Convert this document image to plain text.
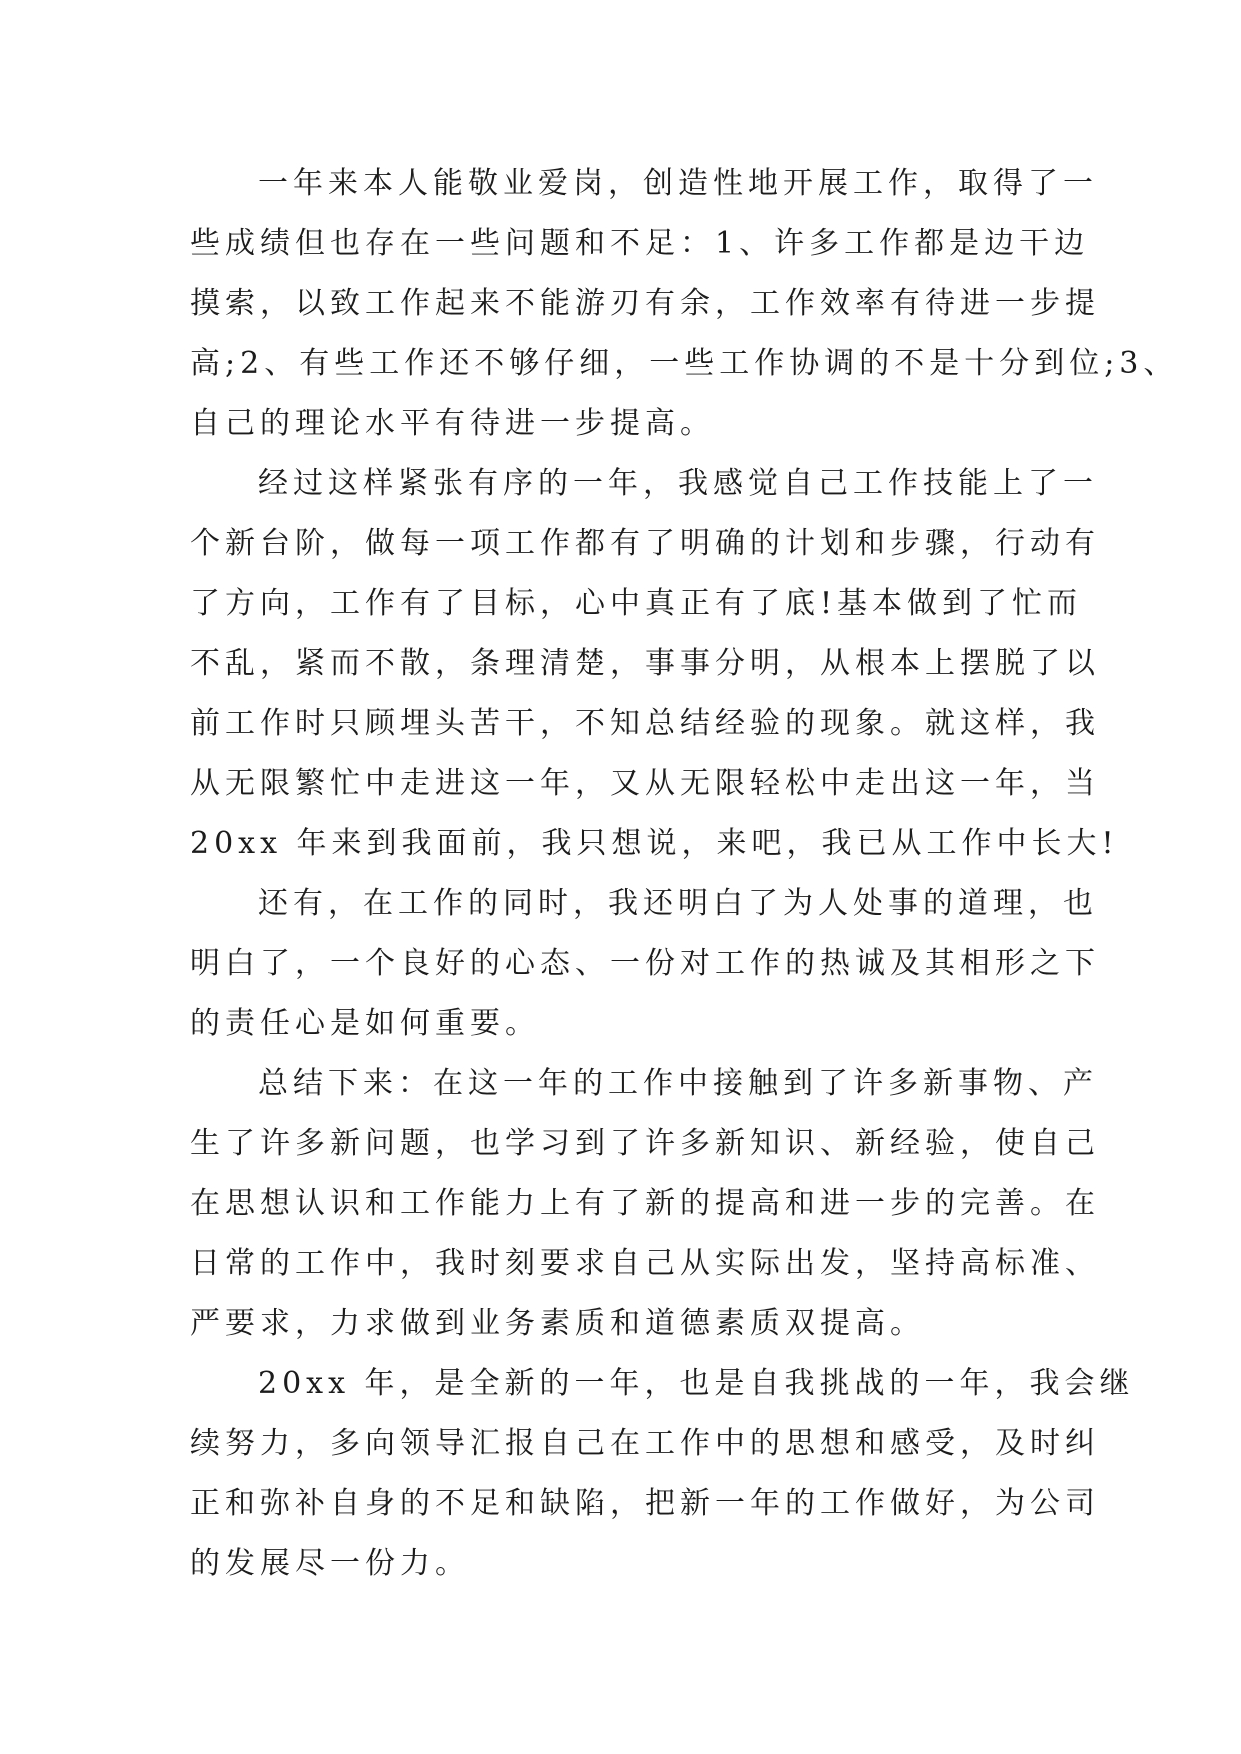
一年来本人能敬业爱岗，创造性地开展工作，取得了一
些成绩但也存在一些问题和不足：1、许多工作都是边干边
摸索，以致工作起来不能游刃有余，工作效率有待进一步提
高;2、有些工作还不够仔细，一些工作协调的不是十分到位;3、
自己的理论水平有待进一步提高。
经过这样紧张有序的一年，我感觉自己工作技能上了一
个新台阶，做每一项工作都有了明确的计划和步骤，行动有
了方向，工作有了目标，心中真正有了底!基本做到了忙而
不乱，紧而不散，条理清楚，事事分明，从根本上摆脱了以
前工作时只顾埋头苦干，不知总结经验的现象。就这样，我
从无限繁忙中走进这一年，又从无限轻松中走出这一年，当
20xx 年来到我面前，我只想说，来吧，我已从工作中长大!
还有，在工作的同时，我还明白了为人处事的道理，也
明白了，一个良好的心态、一份对工作的热诚及其相形之下
的责任心是如何重要。
总结下来：在这一年的工作中接触到了许多新事物、产
生了许多新问题，也学习到了许多新知识、新经验，使自己
在思想认识和工作能力上有了新的提高和进一步的完善。在
日常的工作中，我时刻要求自己从实际出发，坚持高标准、
严要求，力求做到业务素质和道德素质双提高。
20xx 年，是全新的一年，也是自我挑战的一年，我会继
续努力，多向领导汇报自己在工作中的思想和感受，及时纠
正和弥补自身的不足和缺陷，把新一年的工作做好，为公司
的发展尽一份力。
